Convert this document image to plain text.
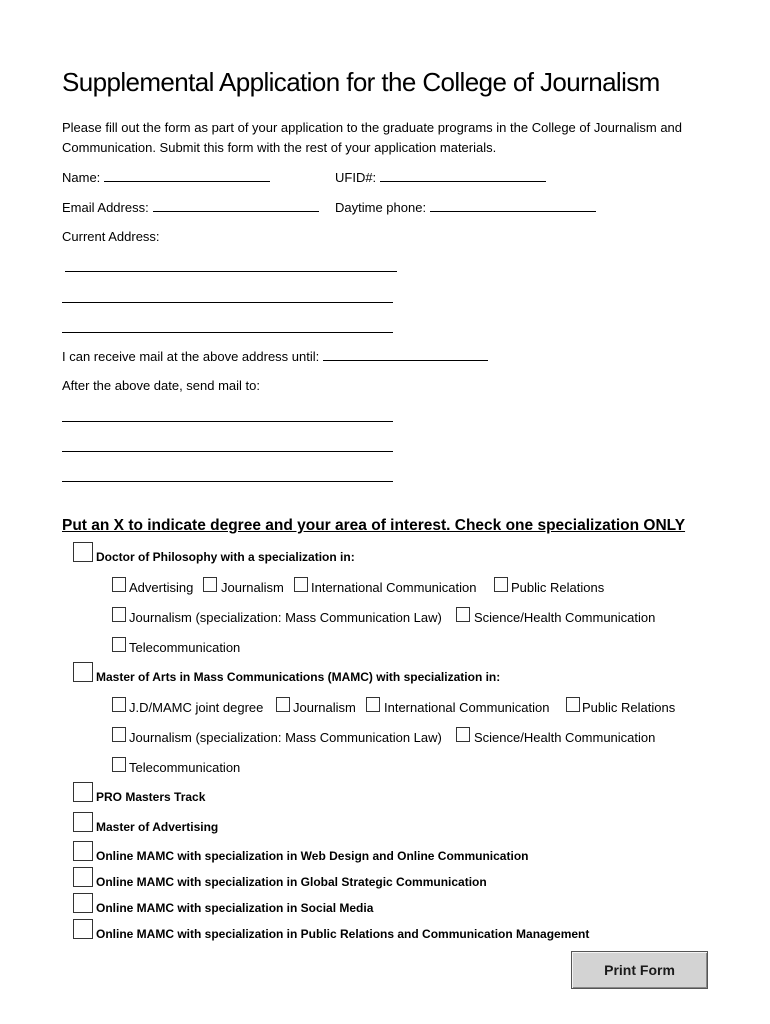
Supplemental Application for the College of Journalism
Please fill out the form as part of your application to the graduate programs in the College of Journalism and Communication. Submit this form with the rest of your application materials.
Name:	UFID#:
Email Address:	Daytime phone:
Current Address:
I can receive mail at the above address until:
After the above date, send mail to:
Put an X to indicate degree and your area of interest. Check one specialization ONLY
Doctor of Philosophy with a specialization in:
Advertising Journalism International Communication	Public Relations
Journalism (specialization: Mass Communication Law) Science/Health Communication
Telecommunication
Master of Arts in Mass Communications (MAMC) with specialization in:
J.D/MAMC joint degree Journalism International Communication	Public Relations
Journalism (specialization: Mass Communication Law) Science/Health Communication
Telecommunication
PRO Masters Track
Master of Advertising
Online MAMC with specialization in Web Design and Online Communication
Online MAMC with specialization in Global Strategic Communication
Online MAMC with specialization in Social Media
Online MAMC with specialization in Public Relations and Communication Management
Print Form
